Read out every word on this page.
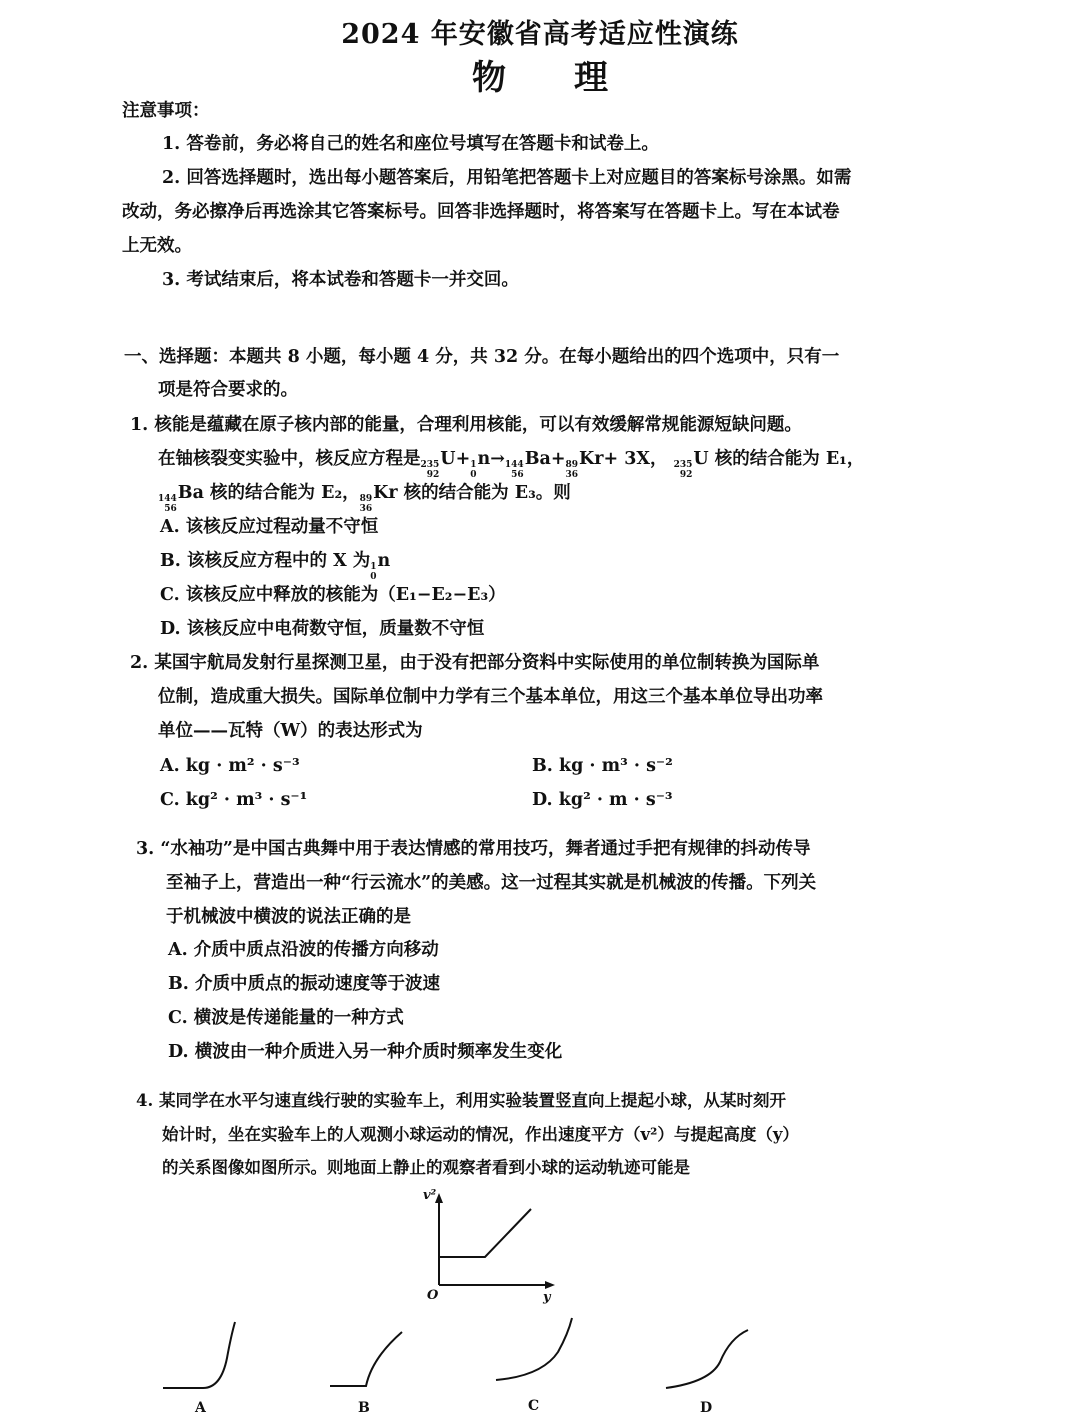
2024 年安徽省高考适应性演练
物　　理
注意事项：
1. 答卷前，务必将自己的姓名和座位号填写在答题卡和试卷上。
2. 回答选择题时，选出每小题答案后，用铅笔把答题卡上对应题目的答案标号涂黑。如需
改动，务必擦净后再选涂其它答案标号。回答非选择题时，将答案写在答题卡上。写在本试卷
上无效。
3. 考试结束后，将本试卷和答题卡一并交回。
一、选择题：本题共 8 小题，每小题 4 分，共 32 分。在每小题给出的四个选项中，只有一
项是符合要求的。
1. 核能是蕴藏在原子核内部的能量，合理利用核能，可以有效缓解常规能源短缺问题。
在铀核裂变实验中，核反应方程是 235
92
U+ 1
0
n→ 144
56
Ba+ 89
36
Kr+ 3X， 235
92
U 核的结合能为 E₁，
144
56
Ba 核的结合能为 E₂， 89
36
Kr 核的结合能为 E₃。则
A. 该核反应过程动量不守恒
B. 该核反应方程中的 X 为 1
0
n
C. 该核反应中释放的核能为（E₁−E₂−E₃）
D. 该核反应中电荷数守恒，质量数不守恒
2. 某国宇航局发射行星探测卫星，由于没有把部分资料中实际使用的单位制转换为国际单
位制，造成重大损失。国际单位制中力学有三个基本单位，用这三个基本单位导出功率
单位——瓦特（W）的表达形式为
A. kg · m² · s⁻³	B. kg · m³ · s⁻²
C. kg² · m³ · s⁻¹	D. kg² · m · s⁻³
3. “水袖功”是中国古典舞中用于表达情感的常用技巧，舞者通过手把有规律的抖动传导
至袖子上，营造出一种“行云流水”的美感。这一过程其实就是机械波的传播。下列关
于机械波中横波的说法正确的是
A. 介质中质点沿波的传播方向移动
B. 介质中质点的振动速度等于波速
C. 横波是传递能量的一种方式
D. 横波由一种介质进入另一种介质时频率发生变化
4. 某同学在水平匀速直线行驶的实验车上，利用实验装置竖直向上提起小球，从某时刻开
始计时，坐在实验车上的人观测小球运动的情况，作出速度平方（v²）与提起高度（y）
的关系图像如图所示。则地面上静止的观察者看到小球的运动轨迹可能是
v²
y
O
A	B	C	D
